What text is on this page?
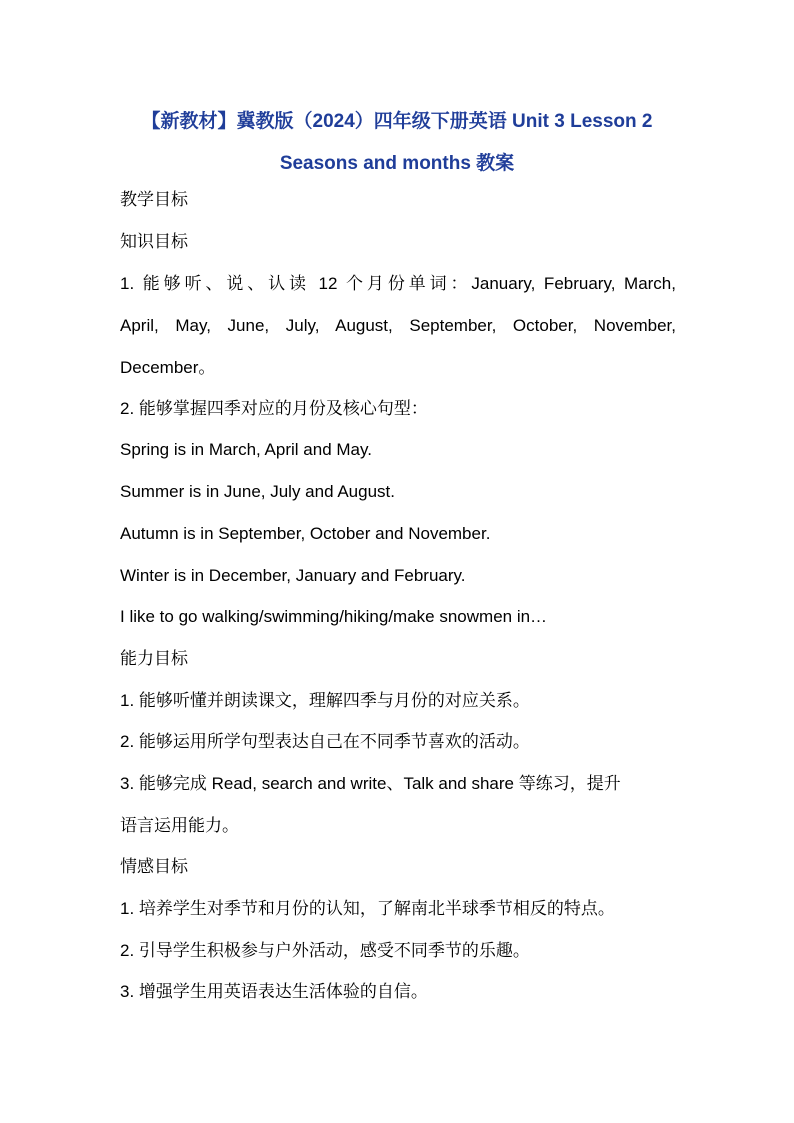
【新教材】冀教版（2024）四年级下册英语 Unit 3 Lesson 2
Seasons and months 教案
教学目标
知识目标
1. 能够听、说、认读 12 个月份单词：January, February, March,
April, May, June, July, August, September, October, November,
December。
2. 能够掌握四季对应的月份及核心句型：
Spring is in March, April and May.
Summer is in June, July and August.
Autumn is in September, October and November.
Winter is in December, January and February.
I like to go walking/swimming/hiking/make snowmen in…
能力目标
1. 能够听懂并朗读课文，理解四季与月份的对应关系。
2. 能够运用所学句型表达自己在不同季节喜欢的活动。
3. 能够完成 Read, search and write、Talk and share 等练习，提升
语言运用能力。
情感目标
1. 培养学生对季节和月份的认知，了解南北半球季节相反的特点。
2. 引导学生积极参与户外活动，感受不同季节的乐趣。
3. 增强学生用英语表达生活体验的自信。
